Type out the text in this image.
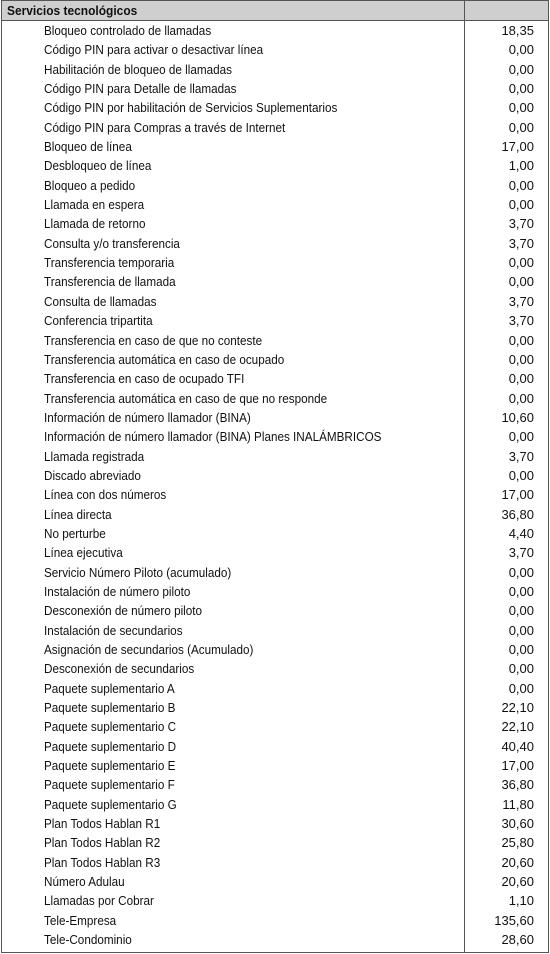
Servicios tecnológicos
Bloqueo controlado de llamadas	18,35
Código PIN para activar o desactivar línea	0,00
Habilitación de bloqueo de llamadas	0,00
Código PIN para Detalle de llamadas	0,00
Código PIN por habilitación de Servicios Suplementarios	0,00
Código PIN para Compras a través de Internet	0,00
Bloqueo de línea	17,00
Desbloqueo de línea	1,00
Bloqueo a pedido	0,00
Llamada en espera	0,00
Llamada de retorno	3,70
Consulta y/o transferencia	3,70
Transferencia temporaria	0,00
Transferencia de llamada	0,00
Consulta de llamadas	3,70
Conferencia tripartita	3,70
Transferencia en caso de que no conteste	0,00
Transferencia automática en caso de ocupado	0,00
Transferencia en caso de ocupado TFI	0,00
Transferencia automática en caso de que no responde	0,00
Información de número llamador (BINA)	10,60
Información de número llamador (BINA) Planes INALÁMBRICOS	0,00
Llamada registrada	3,70
Discado abreviado	0,00
Línea con dos números	17,00
Línea directa	36,80
No perturbe	4,40
Línea ejecutiva	3,70
Servicio Número Piloto (acumulado)	0,00
Instalación de número piloto	0,00
Desconexión de número piloto	0,00
Instalación de secundarios	0,00
Asignación de secundarios (Acumulado)	0,00
Desconexión de secundarios	0,00
Paquete suplementario A	0,00
Paquete suplementario B	22,10
Paquete suplementario C	22,10
Paquete suplementario D	40,40
Paquete suplementario E	17,00
Paquete suplementario F	36,80
Paquete suplementario G	11,80
Plan Todos Hablan R1	30,60
Plan Todos Hablan R2	25,80
Plan Todos Hablan R3	20,60
Número Adulau	20,60
Llamadas por Cobrar	1,10
Tele-Empresa	135,60
Tele-Condominio	28,60
